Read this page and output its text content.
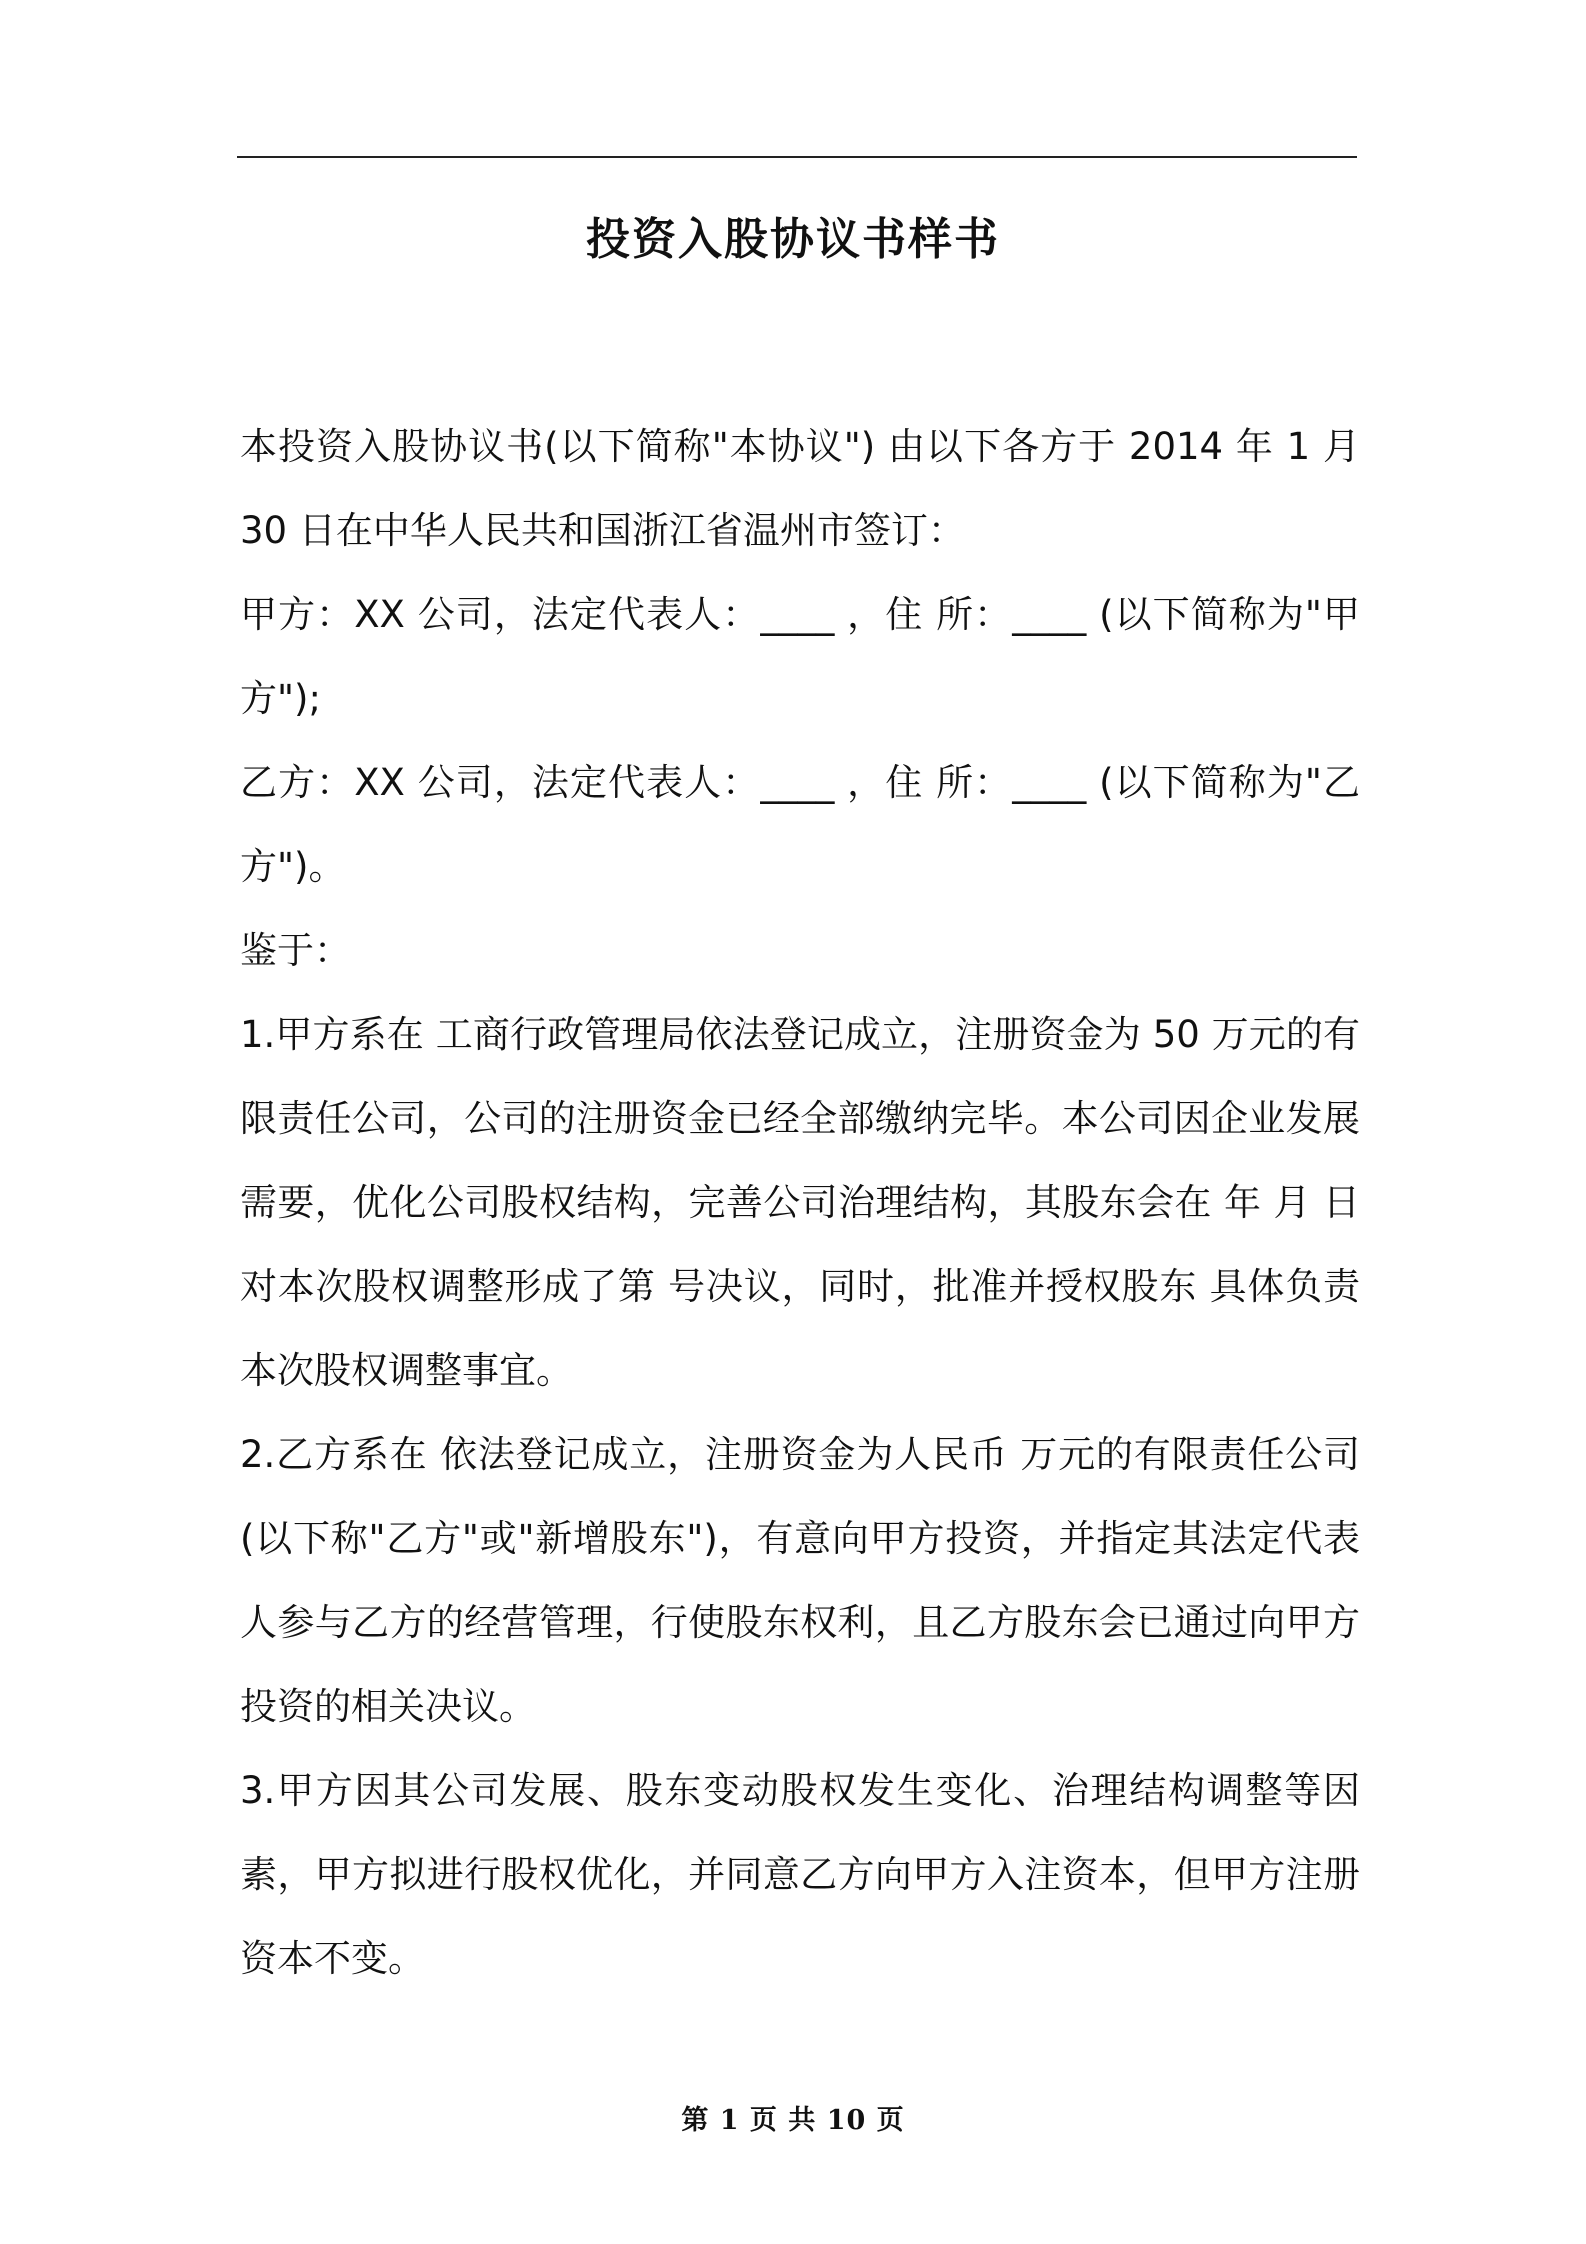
投资入股协议书样书

本投资入股协议书(以下简称"本协议") 由以下各方于 2014 年 1 月 30 日在中华人民共和国浙江省温州市签订：

甲方：XX 公司，法定代表人：____ ，住 所：____ (以下简称为"甲方");

乙方：XX 公司，法定代表人：____ ，住 所：____ (以下简称为"乙方")。

鉴于：

1.甲方系在 工商行政管理局依法登记成立，注册资金为 50 万元的有限责任公司，公司的注册资金已经全部缴纳完毕。本公司因企业发展需要，优化公司股权结构，完善公司治理结构，其股东会在 年 月 日对本次股权调整形成了第 号决议，同时，批准并授权股东 具体负责本次股权调整事宜。

2.乙方系在 依法登记成立，注册资金为人民币 万元的有限责任公司(以下称"乙方"或"新增股东")，有意向甲方投资，并指定其法定代表人参与乙方的经营管理，行使股东权利，且乙方股东会已通过向甲方投资的相关决议。

3.甲方因其公司发展、股东变动股权发生变化、治理结构调整等因素，甲方拟进行股权优化，并同意乙方向甲方入注资本，但甲方注册资本不变。

第 1 页 共 10 页
